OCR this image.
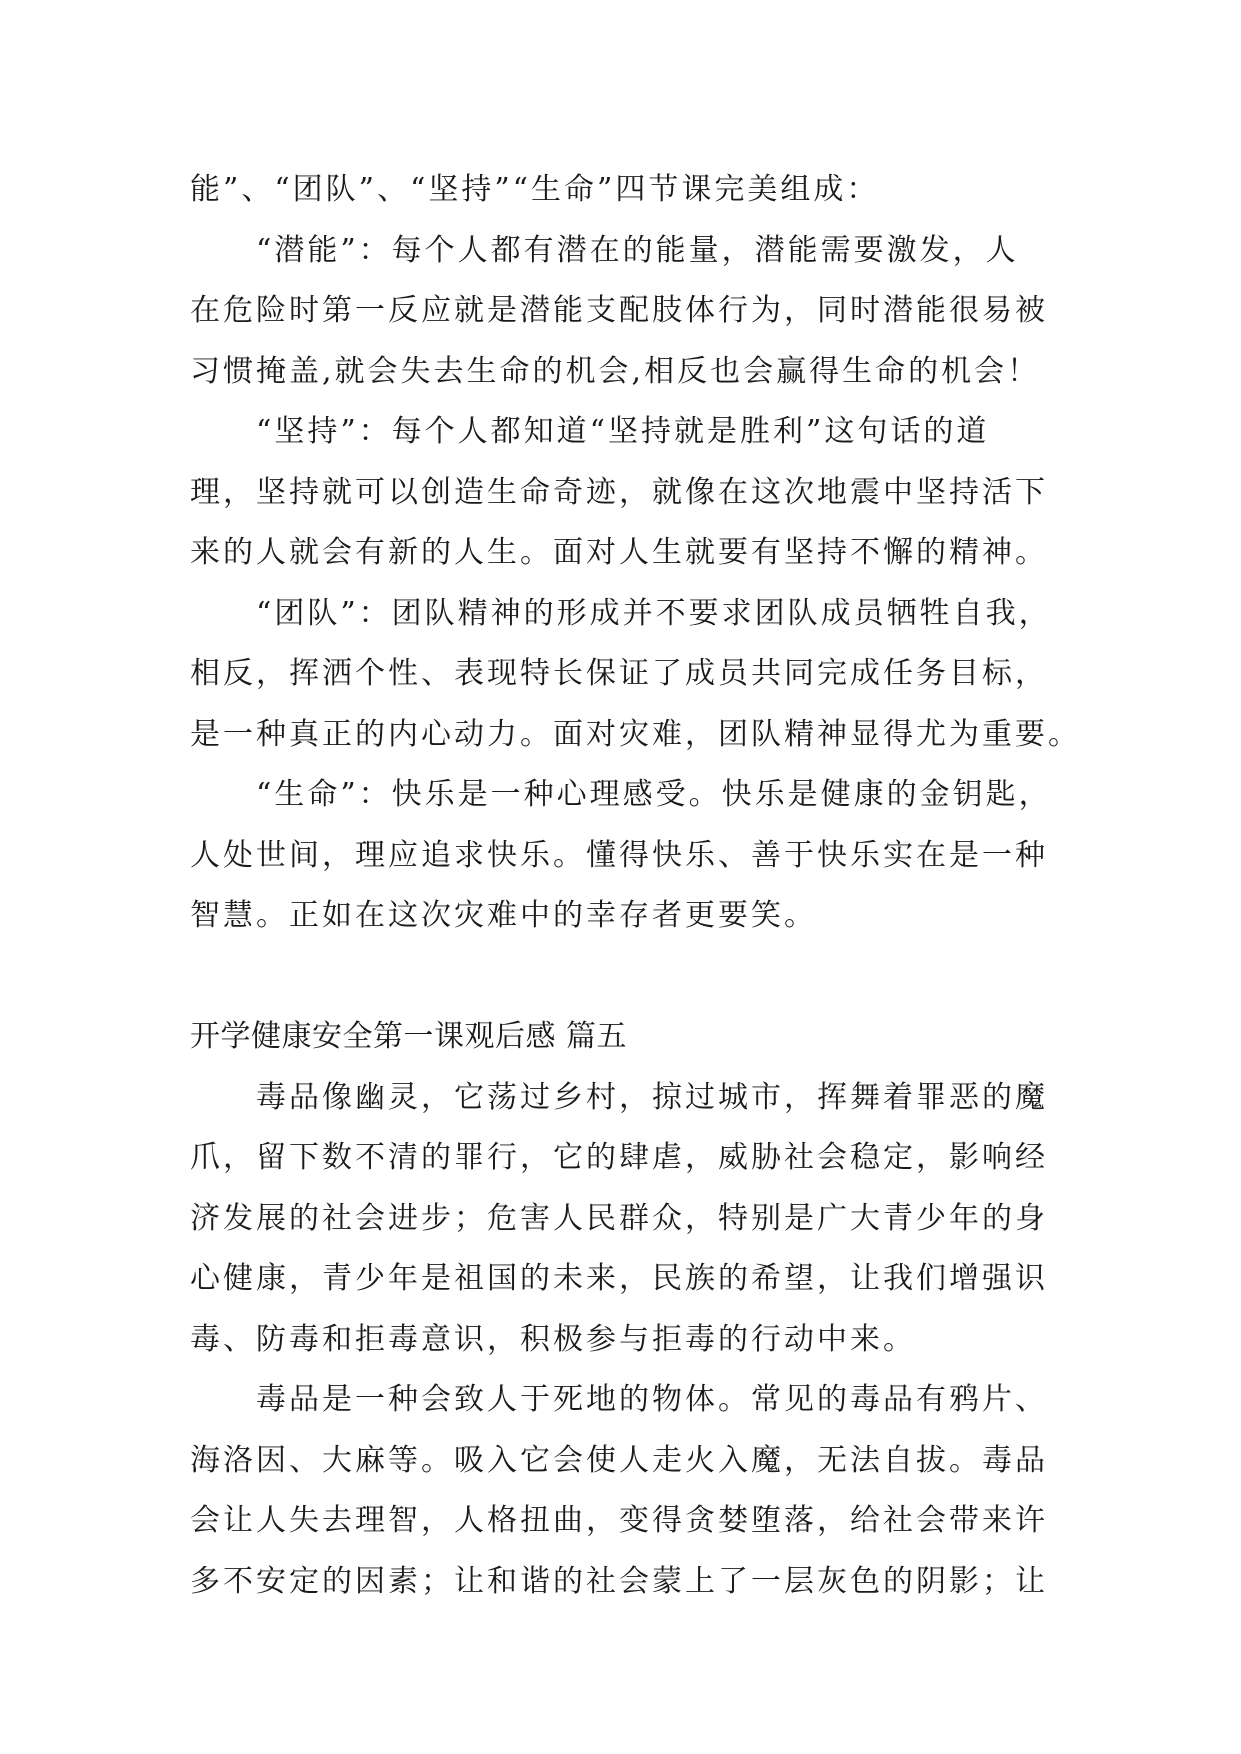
能”、“团队”、“坚持”“生命”四节课完美组成：
“潜能”：每个人都有潜在的能量，潜能需要激发，人
在危险时第一反应就是潜能支配肢体行为，同时潜能很易被
习惯掩盖,就会失去生命的机会,相反也会赢得生命的机会！
“坚持”：每个人都知道“坚持就是胜利”这句话的道
理，坚持就可以创造生命奇迹，就像在这次地震中坚持活下
来的人就会有新的人生。面对人生就要有坚持不懈的精神。
“团队”：团队精神的形成并不要求团队成员牺牲自我，
相反，挥洒个性、表现特长保证了成员共同完成任务目标，
是一种真正的内心动力。面对灾难，团队精神显得尤为重要。
“生命”：快乐是一种心理感受。快乐是健康的金钥匙，
人处世间，理应追求快乐。懂得快乐、善于快乐实在是一种
智慧。正如在这次灾难中的幸存者更要笑。
开学健康安全第一课观后感 篇五
毒品像幽灵，它荡过乡村，掠过城市，挥舞着罪恶的魔
爪，留下数不清的罪行，它的肆虐，威胁社会稳定，影响经
济发展的社会进步；危害人民群众，特别是广大青少年的身
心健康，青少年是祖国的未来，民族的希望，让我们增强识
毒、防毒和拒毒意识，积极参与拒毒的行动中来。
毒品是一种会致人于死地的物体。常见的毒品有鸦片、
海洛因、大麻等。吸入它会使人走火入魔，无法自拔。毒品
会让人失去理智，人格扭曲，变得贪婪堕落，给社会带来许
多不安定的因素；让和谐的社会蒙上了一层灰色的阴影；让
